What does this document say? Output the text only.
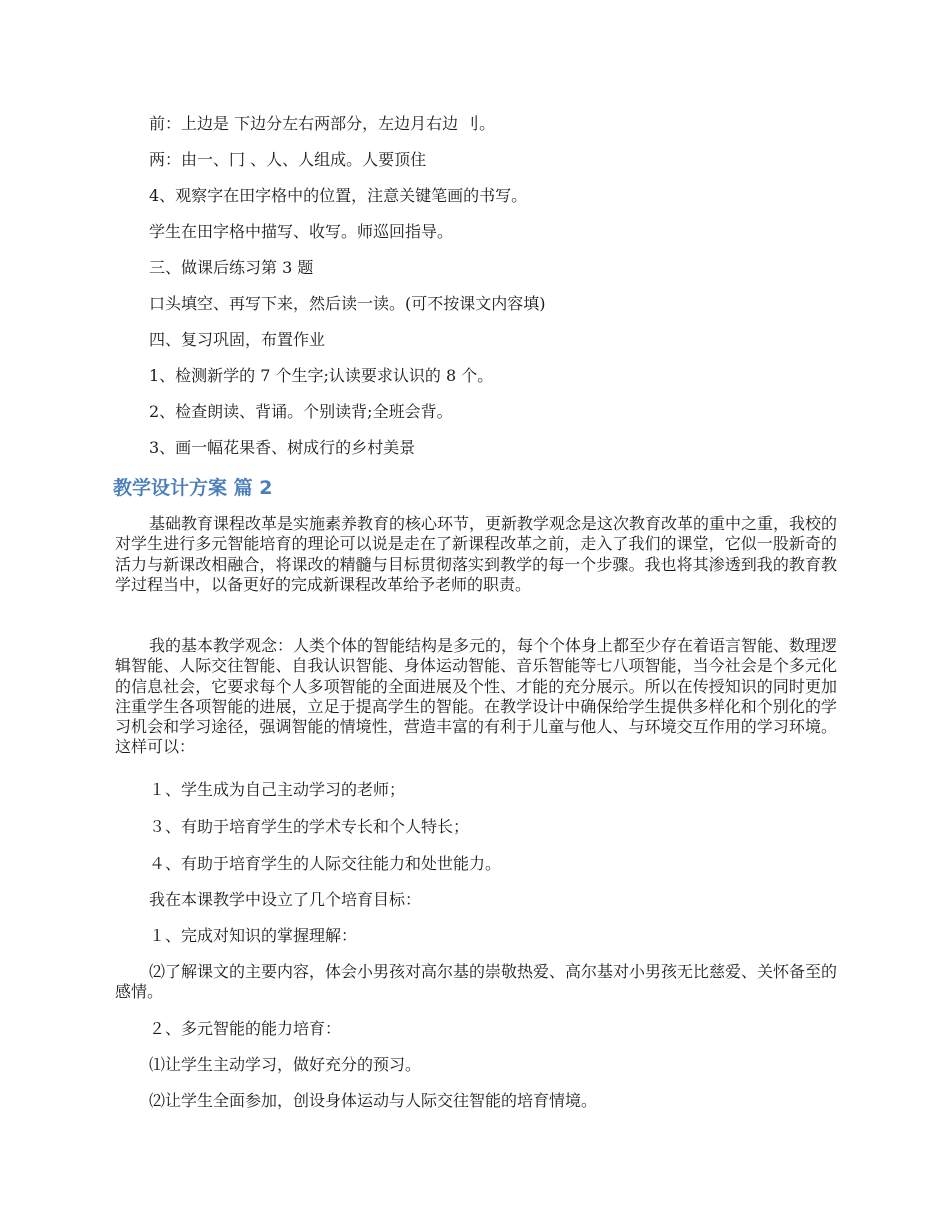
前：上边是 下边分左右两部分，左边月右边 刂。
两：由一、冂 、人、人组成。人要顶住
4、观察字在田字格中的位置，注意关键笔画的书写。
学生在田字格中描写、收写。师巡回指导。
三、做课后练习第 3 题
口头填空、再写下来，然后读一读。(可不按课文内容填)
四、复习巩固，布置作业
1、检测新学的 7 个生字;认读要求认识的 8 个。
2、检查朗读、背诵。个别读背;全班会背。
3、画一幅花果香、树成行的乡村美景
教学设计方案 篇 2
基础教育课程改革是实施素养教育的核心环节，更新教学观念是这次教育改革的重中之重，我校的对学生进行多元智能培育的理论可以说是走在了新课程改革之前，走入了我们的课堂，它似一股新奇的活力与新课改相融合，将课改的精髓与目标贯彻落实到教学的每一个步骤。我也将其渗透到我的教育教学过程当中，以备更好的完成新课程改革给予老师的职责。
我的基本教学观念：人类个体的智能结构是多元的，每个个体身上都至少存在着语言智能、数理逻辑智能、人际交往智能、自我认识智能、身体运动智能、音乐智能等七八项智能，当今社会是个多元化的信息社会，它要求每个人多项智能的全面进展及个性、才能的充分展示。所以在传授知识的同时更加注重学生各项智能的进展，立足于提高学生的智能。在教学设计中确保给学生提供多样化和个别化的学习机会和学习途径，强调智能的情境性，营造丰富的有利于儿童与他人、与环境交互作用的学习环境。这样可以：
１、学生成为自己主动学习的老师；
３、有助于培育学生的学术专长和个人特长；
４、有助于培育学生的人际交往能力和处世能力。
我在本课教学中设立了几个培育目标：
１、完成对知识的掌握理解：
⑵了解课文的主要内容，体会小男孩对高尔基的崇敬热爱、高尔基对小男孩无比慈爱、关怀备至的感情。
２、多元智能的能力培育：
⑴让学生主动学习，做好充分的预习。
⑵让学生全面参加，创设身体运动与人际交往智能的培育情境。
